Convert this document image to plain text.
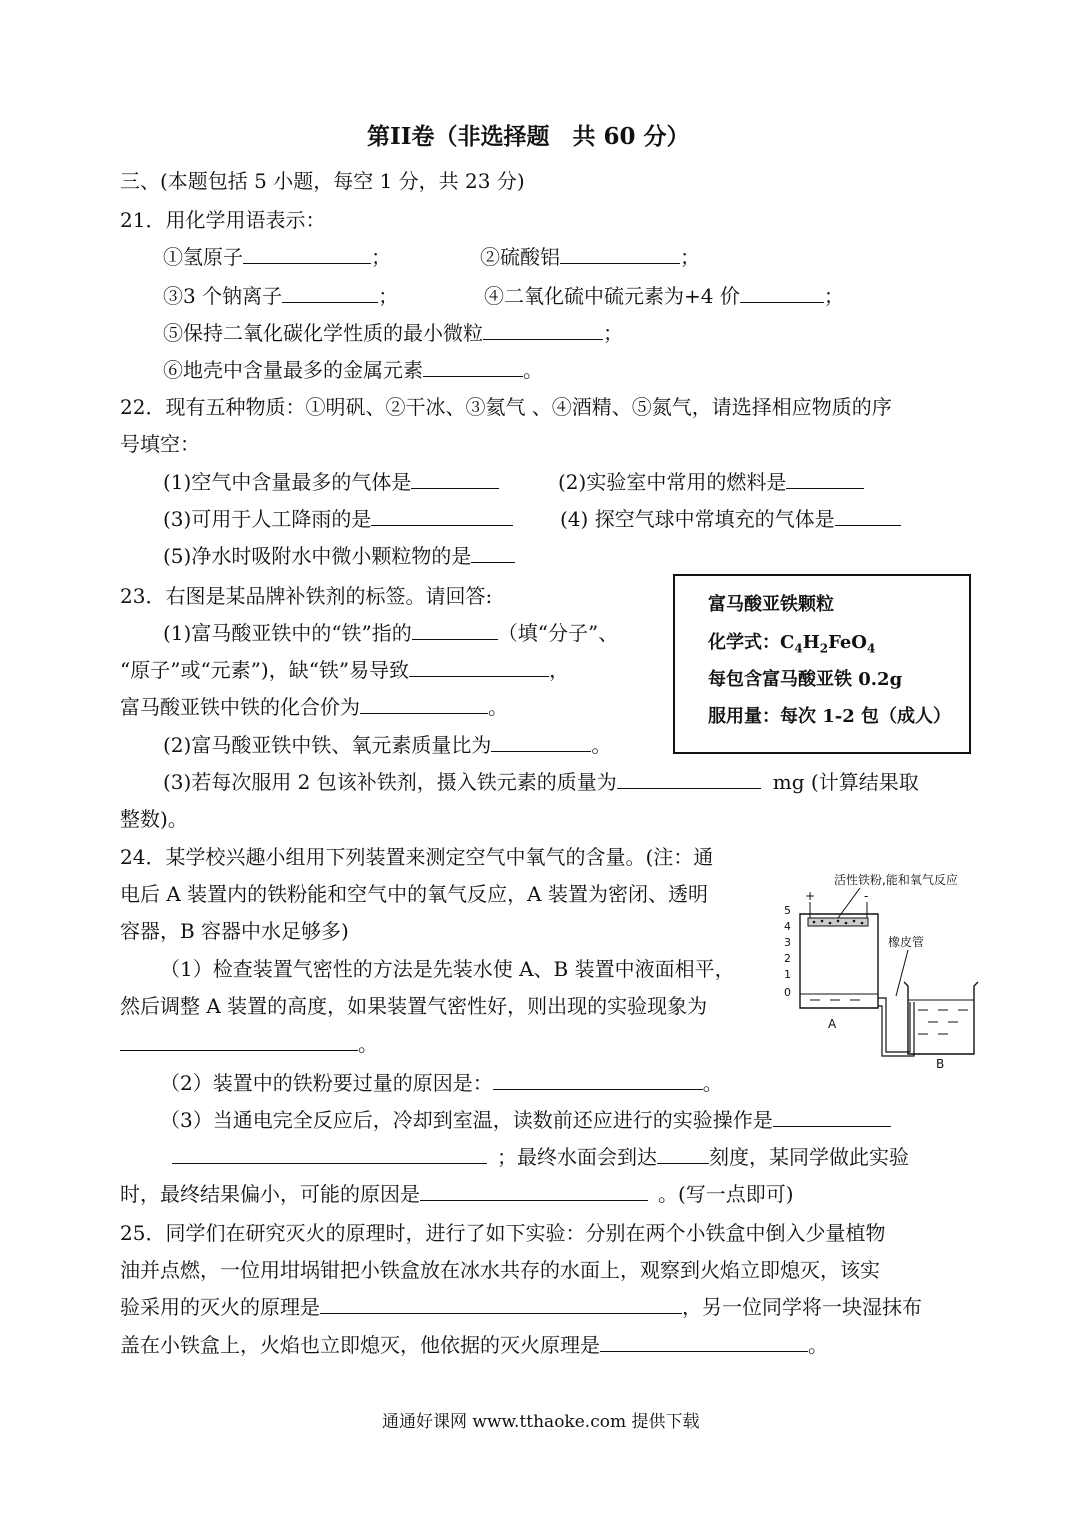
第II卷（非选择题　共 60 分）
三、(本题包括 5 小题，每空 1 分，共 23 分)
21．用化学用语表示：
①氢原子	；	②硫酸铝	；
③3 个钠离子	；	④二氧化硫中硫元素为+4 价	；
⑤保持二氧化碳化学性质的最小微粒	；
⑥地壳中含量最多的金属元素	。
22．现有五种物质：①明矾、②干冰、③氦气 、④酒精、⑤氮气，请选择相应物质的序
号填空：
(1)空气中含量最多的气体是	(2)实验室中常用的燃料是
(3)可用于人工降雨的是	(4) 探空气球中常填充的气体是
(5)净水时吸附水中微小颗粒物的是
23．右图是某品牌补铁剂的标签。请回答:
(1)富马酸亚铁中的“铁”指的	（填“分子”、
“原子”或“元素”)，缺“铁”易导致	，
富马酸亚铁中铁的化合价为	。
(2)富马酸亚铁中铁、氧元素质量比为	。
(3)若每次服用 2 包该补铁剂，摄入铁元素的质量为	mg (计算结果取
整数)。
富马酸亚铁颗粒
化学式：$C_4H_2FeO_4$
每包含富马酸亚铁 0.2g
服用量：每次 1-2 包（成人）
24．某学校兴趣小组用下列装置来测定空气中氧气的含量。(注：通
电后 A 装置内的铁粉能和空气中的氧气反应，A 装置为密闭、透明
容器，B 容器中水足够多)
（1）检查装置气密性的方法是先装水使 A、B 装置中液面相平，
然后调整 A 装置的高度，如果装置气密性好，则出现的实验现象为
。
（2）装置中的铁粉要过量的原因是：	。
（3）当通电完全反应后，冷却到室温，读数前还应进行的实验操作是
；最终水面会到达	刻度，某同学做此实验
时，最终结果偏小，可能的原因是	。(写一点即可)
活性铁粉,能和氧气反应
+	-
5
4
3
2
1
0
A
橡皮管
B
25．同学们在研究灭火的原理时，进行了如下实验：分别在两个小铁盒中倒入少量植物
油并点燃，一位用坩埚钳把小铁盒放在冰水共存的水面上，观察到火焰立即熄灭，该实
验采用的灭火的原理是	，另一位同学将一块湿抹布
盖在小铁盒上，火焰也立即熄灭，他依据的灭火原理是	。
通通好课网 www.tthaoke.com 提供下载
